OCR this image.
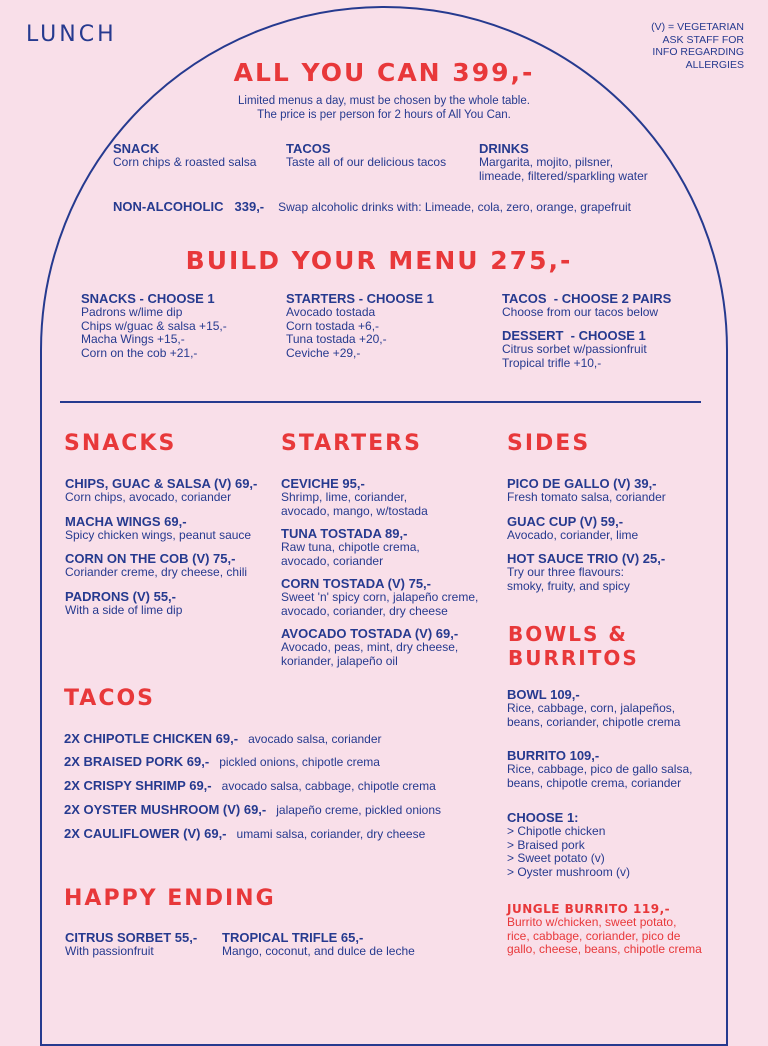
LUNCH	(V) = VEGETARIAN
ASK STAFF FOR
INFO REGARDING
ALLERGIES
ALL YOU CAN 399,-
Limited menus a day, must be chosen by the whole table.
The price is per person for 2 hours of All You Can.
SNACK
Corn chips & roasted salsa
TACOS
Taste all of our delicious tacos
DRINKS
Margarita, mojito, pilsner,
limeade, filtered/sparkling water
NON-ALCOHOLIC 339,- Swap alcoholic drinks with: Limeade, cola, zero, orange, grapefruit
BUILD YOUR MENU 275,-
SNACKS - CHOOSE 1
Padrons w/lime dip
Chips w/guac & salsa +15,-
Macha Wings +15,-
Corn on the cob +21,-
STARTERS - CHOOSE 1
Avocado tostada
Corn tostada +6,-
Tuna tostada +20,-
Ceviche +29,-
TACOS  - CHOOSE 2 PAIRS
Choose from our tacos below
DESSERT  - CHOOSE 1
Citrus sorbet w/passionfruit
Tropical trifle +10,-
SNACKS
CHIPS, GUAC & SALSA (V) 69,-
Corn chips, avocado, coriander
MACHA WINGS 69,-
Spicy chicken wings, peanut sauce
CORN ON THE COB (V) 75,-
Coriander creme, dry cheese, chili
PADRONS (V) 55,-
With a side of lime dip
STARTERS
CEVICHE 95,-
Shrimp, lime, coriander,
avocado, mango, w/tostada
TUNA TOSTADA 89,-
Raw tuna, chipotle crema,
avocado, coriander
CORN TOSTADA (V) 75,-
Sweet 'n' spicy corn, jalapeño creme,
avocado, coriander, dry cheese
AVOCADO TOSTADA (V) 69,-
Avocado, peas, mint, dry cheese,
koriander, jalapeño oil
SIDES
PICO DE GALLO (V) 39,-
Fresh tomato salsa, coriander
GUAC CUP (V) 59,-
Avocado, coriander, lime
HOT SAUCE TRIO (V) 25,-
Try our three flavours:
smoky, fruity, and spicy
BOWLS &
BURRITOS
BOWL 109,-
Rice, cabbage, corn, jalapeños,
beans, coriander, chipotle crema
BURRITO 109,-
Rice, cabbage, pico de gallo salsa,
beans, chipotle crema, coriander
CHOOSE 1:
> Chipotle chicken
> Braised pork
> Sweet potato (v)
> Oyster mushroom (v)
JUNGLE BURRITO 119,-
Burrito w/chicken, sweet potato,
rice, cabbage, coriander, pico de
gallo, cheese, beans, chipotle crema
TACOS
2X CHIPOTLE CHICKEN 69,- avocado salsa, coriander
2X BRAISED PORK 69,- pickled onions, chipotle crema
2X CRISPY SHRIMP 69,- avocado salsa, cabbage, chipotle crema
2X OYSTER MUSHROOM (V) 69,- jalapeño creme, pickled onions
2X CAULIFLOWER (V) 69,- umami salsa, coriander, dry cheese
HAPPY ENDING
CITRUS SORBET 55,-
With passionfruit
TROPICAL TRIFLE 65,-
Mango, coconut, and dulce de leche
